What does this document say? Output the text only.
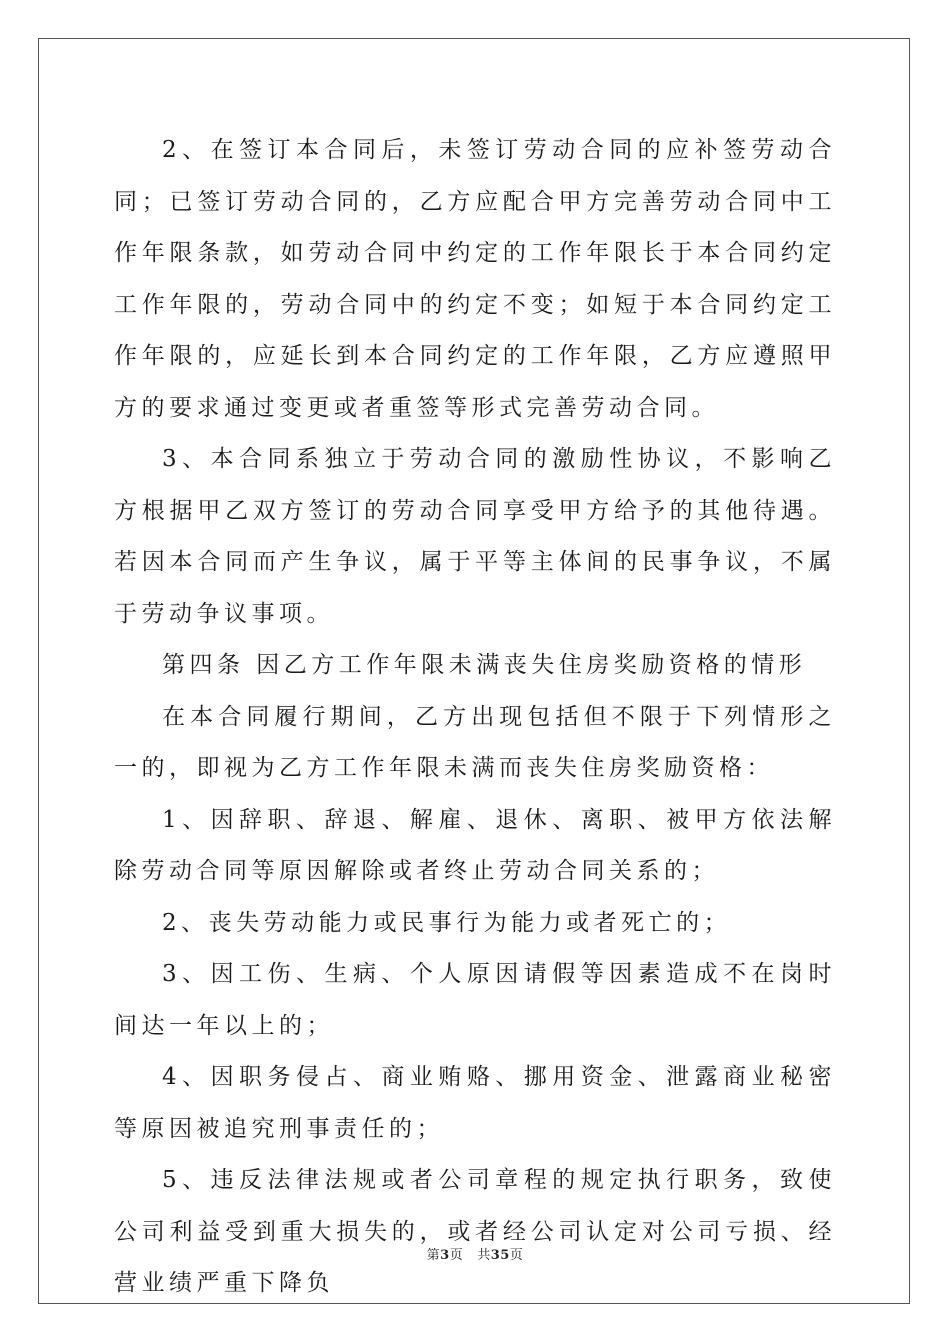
2、在签订本合同后，未签订劳动合同的应补签劳动合同；已签订劳动合同的，乙方应配合甲方完善劳动合同中工作年限条款，如劳动合同中约定的工作年限长于本合同约定工作年限的，劳动合同中的约定不变；如短于本合同约定工作年限的，应延长到本合同约定的工作年限，乙方应遵照甲方的要求通过变更或者重签等形式完善劳动合同。

3、本合同系独立于劳动合同的激励性协议，不影响乙方根据甲乙双方签订的劳动合同享受甲方给予的其他待遇。若因本合同而产生争议，属于平等主体间的民事争议，不属于劳动争议事项。

第四条 因乙方工作年限未满丧失住房奖励资格的情形

在本合同履行期间，乙方出现包括但不限于下列情形之一的，即视为乙方工作年限未满而丧失住房奖励资格：

1、因辞职、辞退、解雇、退休、离职、被甲方依法解除劳动合同等原因解除或者终止劳动合同关系的；

2、丧失劳动能力或民事行为能力或者死亡的；

3、因工伤、生病、个人原因请假等因素造成不在岗时间达一年以上的；

4、因职务侵占、商业贿赂、挪用资金、泄露商业秘密等原因被追究刑事责任的；

5、违反法律法规或者公司章程的规定执行职务，致使公司利益受到重大损失的，或者经公司认定对公司亏损、经营业绩严重下降负

第3页 共35页
